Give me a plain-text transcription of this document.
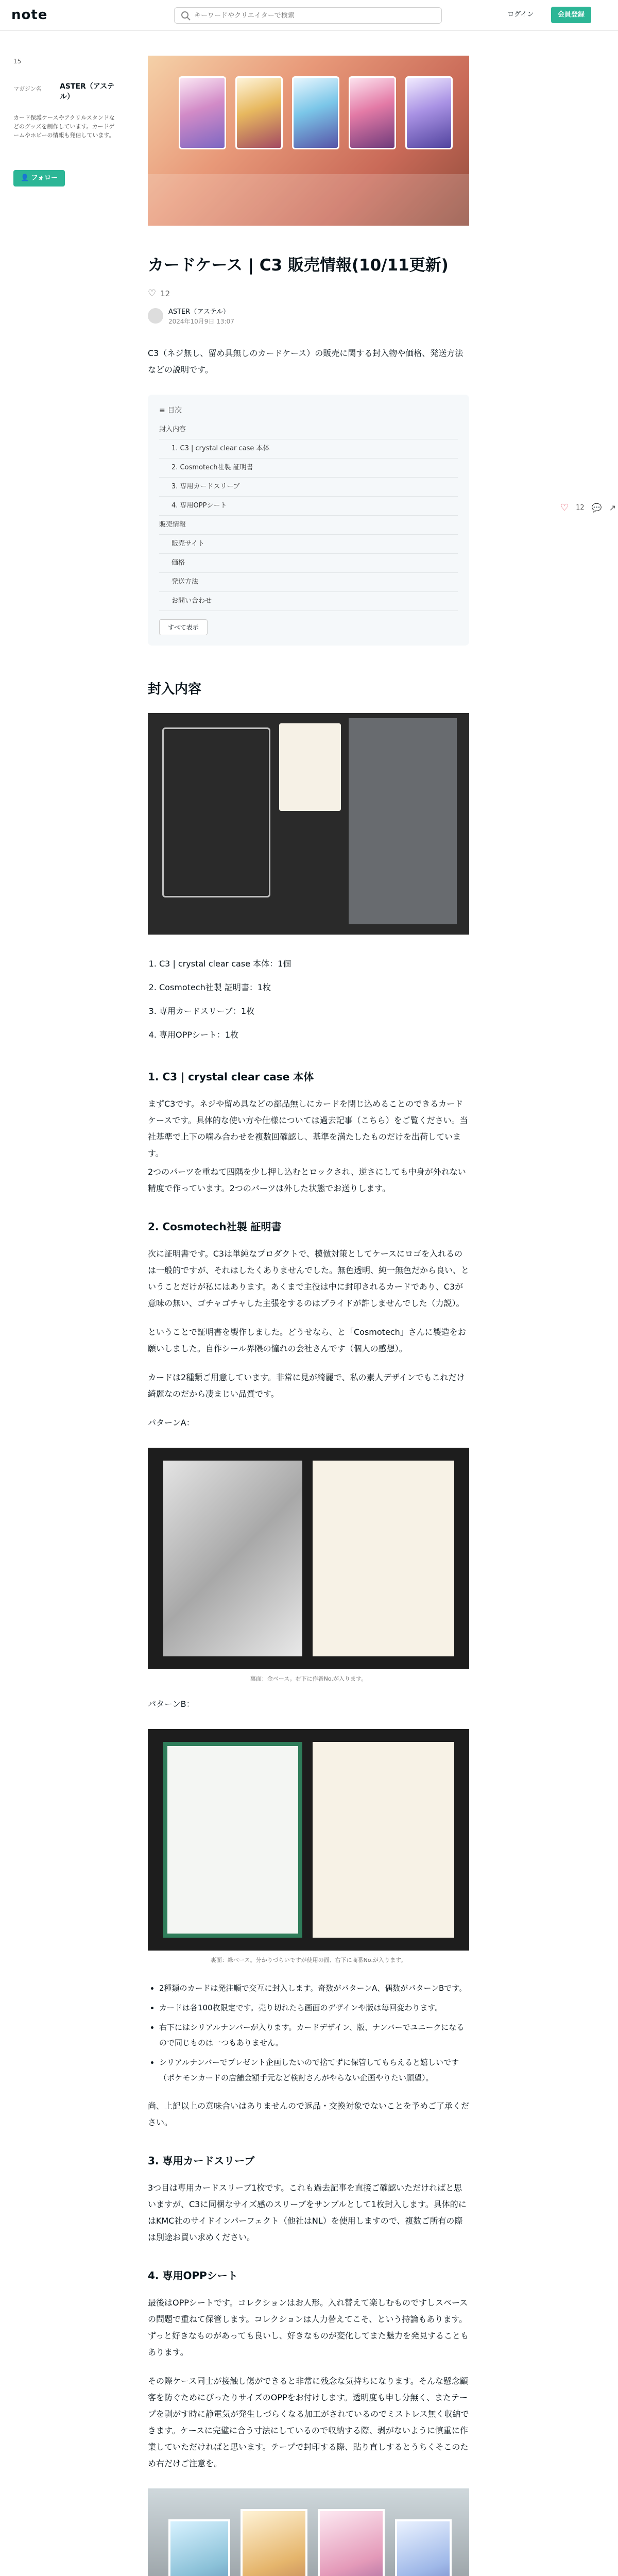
note
キーワードやクリエイターで検索	ログイン	会員登録
15
マガジン名	ASTER（アステル）
カード保護ケースやアクリルスタンドなどのグッズを制作しています。カードゲームやホビーの情報も発信しています。
👤 フォロー
♡ 12 💬 ↗
カードケース | C3 販売情報(10/11更新)
♡ 12
ASTER（アステル）
2024年10月9日 13:07

C3（ネジ無し、留め具無しのカードケース）の販売に関する封入物や価格、発送方法などの説明です。

≡ 目次
封入内容
1. C3 | crystal clear case 本体
2. Cosmotech社製 証明書
3. 専用カードスリーブ
4. 専用OPPシート
販売情報
販売サイト
価格
発送方法
お問い合わせ
すべて表示
封入内容
1. C3 | crystal clear case 本体：1個
2. Cosmotech社製 証明書：1枚
3. 専用カードスリーブ：1枚
4. 専用OPPシート：1枚
1. C3 | crystal clear case 本体

まずC3です。ネジや留め具などの部品無しにカードを閉じ込めることのできるカードケースです。具体的な使い方や仕様については過去記事（こちら）をご覧ください。当社基準で上下の噛み合わせを複数回確認し、基準を満たしたものだけを出荷しています。

2つのパーツを重ねて四隅を少し押し込むとロックされ、逆さにしても中身が外れない精度で作っています。2つのパーツは外した状態でお送りします。

2. Cosmotech社製 証明書

次に証明書です。C3は単純なプロダクトで、模倣対策としてケースにロゴを入れるのは一般的ですが、それはしたくありませんでした。無色透明、純一無色だから良い、ということだけが私にはあります。あくまで主役は中に封印されるカードであり、C3が意味の無い、ゴチャゴチャした主張をするのはプライドが許しませんでした（力説）。

ということで証明書を製作しました。どうせなら、と「Cosmotech」さんに製造をお願いしました。自作シール界隈の憧れの会社さんです（個人の感想）。

カードは2種類ご用意しています。非常に見が綺麗で、私の素人デザインでもこれだけ綺麗なのだから凄まじい品質です。

パターンA：

裏面：金ベース。右下に作番No.が入ります。

パターンB：

裏面：緑ベース。分かりづらいですが使用の面、右下に商番No.が入ります。
• 2種類のカードは発注順で交互に封入します。奇数がパターンA、偶数がパターンBです。
• カードは各100枚限定です。売り切れたら画面のデザインや版は毎回変わります。
• 右下にはシリアルナンバーが入ります。カードデザイン、版、ナンバーでユニークになるので同じものは一つもありません。
• シリアルナンバーでプレゼント企画したいので捨てずに保管してもらえると嬉しいです（ポケモンカードの店舗金額手元など検討さんがやらない企画やりたい願望）。

尚、上記以上の意味合いはありませんので返品・交換対象でないことを予めご了承ください。

3. 専用カードスリーブ

3つ目は専用カードスリーブ1枚です。これも過去記事を直接ご確認いただければと思いますが、C3に同梱なサイズ感のスリーブをサンプルとして1枚封入します。具体的にはKMC社のサイドインパーフェクト（他社はNL）を使用しますので、複数ご所有の際は別途お買い求めください。

4. 専用OPPシート

最後はOPPシートです。コレクションはお人形。入れ替えて楽しむものですしスペースの問題で重ねて保管します。コレクションは人力替えてこそ、という持論もあります。ずっと好きなものがあっても良いし、好きなものが変化してまた魅力を発見することもあります。

その際ケース同士が接触し傷ができると非常に残念な気持ちになります。そんな懸念顧客を防ぐためにぴったりサイズのOPPをお付けします。透明度も申し分無く、またテープを剥がす時に静電気が発生しづらくなる加工がされているのでミストレス無く収納できます。ケースに完璧に合う寸法にしているので収納する際、剥がないように慎重に作業していただければと思います。テープで封印する際、貼り直しするとうちくそこのため右だけご注意を。
